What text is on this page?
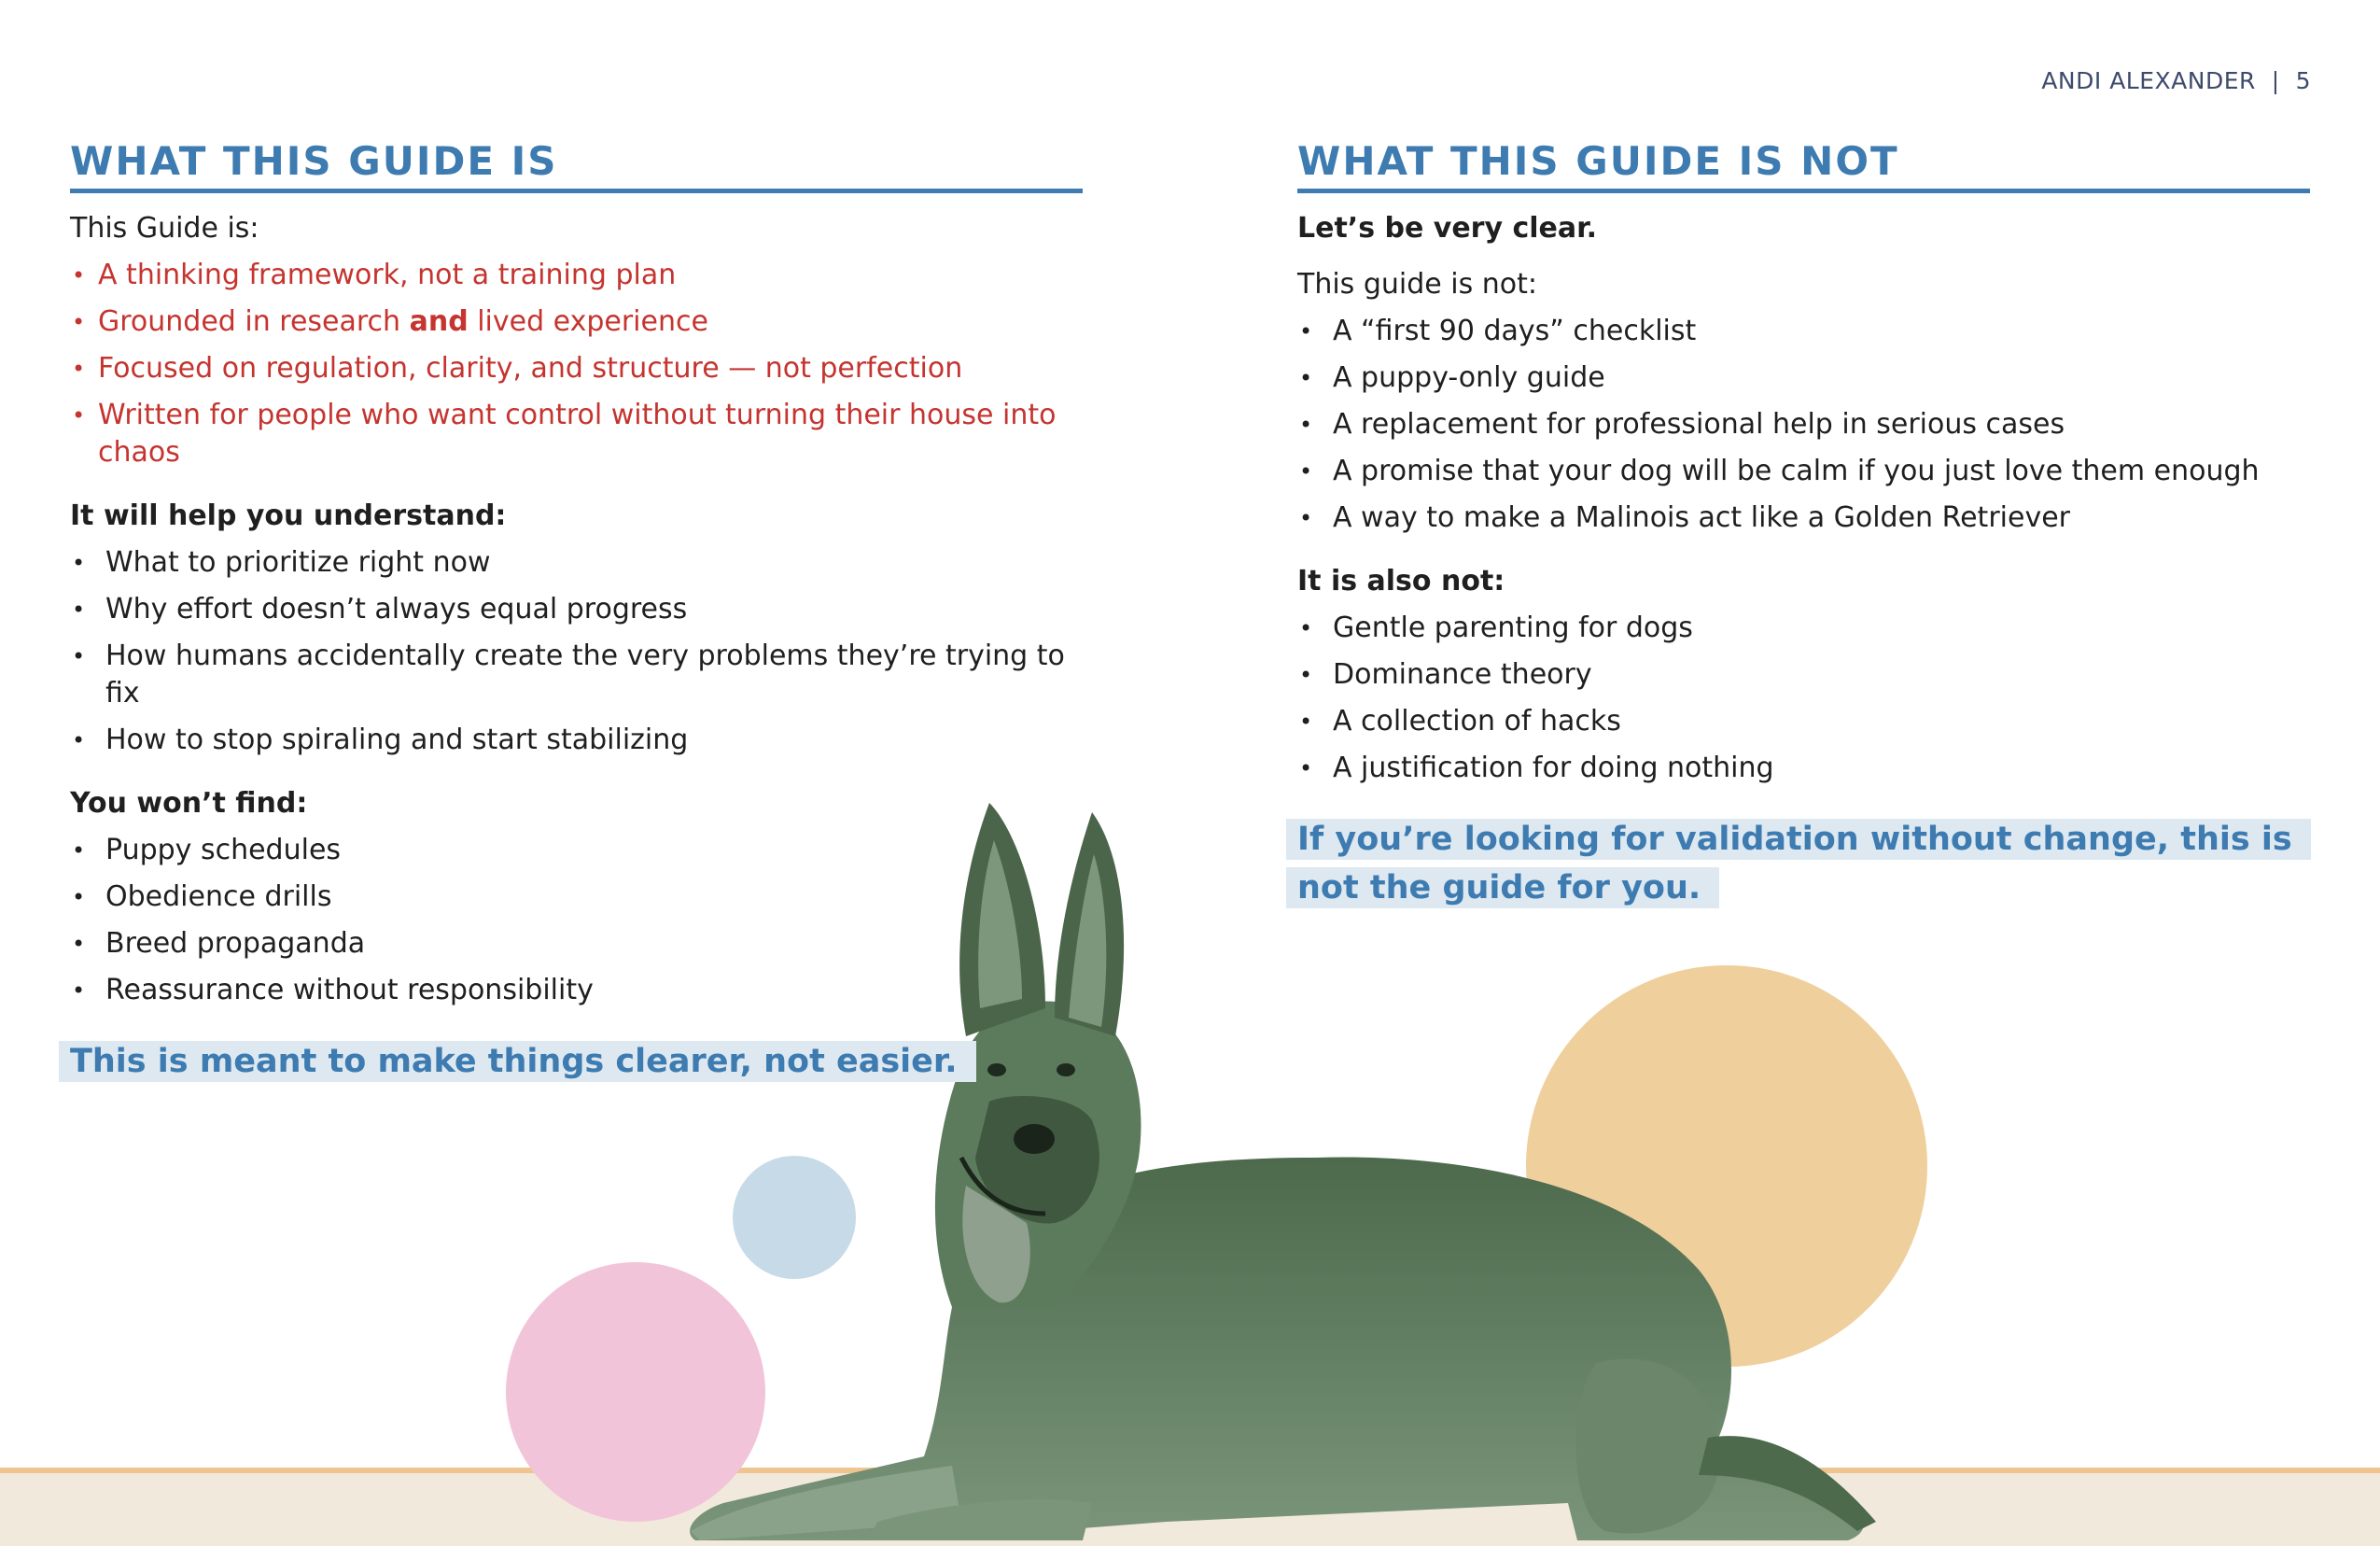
ANDI ALEXANDER  |  5
WHAT THIS GUIDE IS

This Guide is:

• A thinking framework, not a training plan
• Grounded in research and lived experience
• Focused on regulation, clarity, and structure — not perfection
• Written for people who want control without turning their house into chaos

It will help you understand:

• What to prioritize right now
• Why effort doesn’t always equal progress
• How humans accidentally create the very problems they’re trying to fix
• How to stop spiraling and start stabilizing

You won’t find:

• Puppy schedules
• Obedience drills
• Breed propaganda
• Reassurance without responsibility
This is meant to make things clearer, not easier.
WHAT THIS GUIDE IS NOT

Let’s be very clear.

This guide is not:

• A “first 90 days” checklist
• A puppy-only guide
• A replacement for professional help in serious cases
• A promise that your dog will be calm if you just love them enough
• A way to make a Malinois act like a Golden Retriever

It is also not:

• Gentle parenting for dogs
• Dominance theory
• A collection of hacks
• A justification for doing nothing
If you’re looking for validation without change, this is not the guide for you.
